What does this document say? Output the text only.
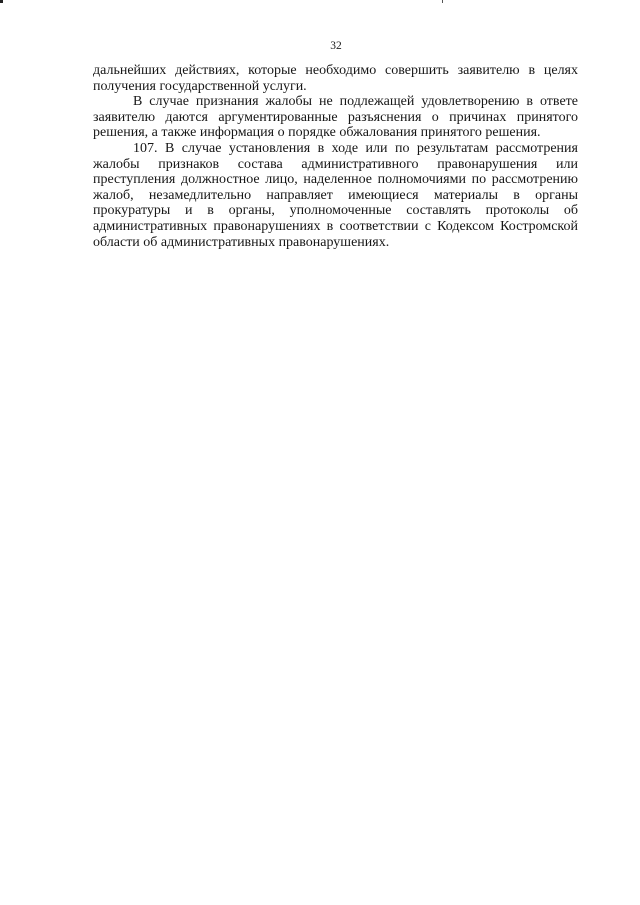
32

дальнейших действиях, которые необходимо совершить заявителю в целях получения государственной услуги.

В случае признания жалобы не подлежащей удовлетворению в ответе заявителю даются аргументированные разъяснения о причинах принятого решения, а также информация о порядке обжалования принятого решения.

107. В случае установления в ходе или по результатам рассмотрения жалобы признаков состава административного правонарушения или преступления должностное лицо, наделенное полномочиями по рассмотрению жалоб, незамедлительно направляет имеющиеся материалы в органы прокуратуры и в органы, уполномоченные составлять протоколы об административных правонарушениях в соответствии с Кодексом Костромской области об административных правонарушениях.
